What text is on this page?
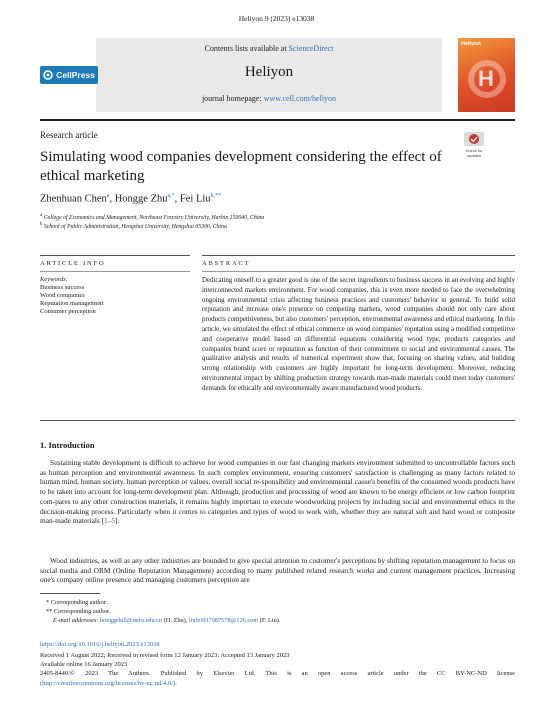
Heliyon 9 (2023) e13038
CellPress
Contents lists available at ScienceDirect
Heliyon
journal homepage: www.cell.com/heliyon
Heliyon
H
Research article
Simulating wood companies development considering the effect of ethical marketing
Check for updates
Zhenhuan Chen$^a$, Hongge Zhu$^{a,*}$, Fei Liu$^{b,**}$
$^a$ College of Economics and Management, Northeast Forestry University, Harbin 150040, China
$^b$ School of Public Administration, Hengshui University, Hengshui 05300, China
ARTICLE INFO	ABSTRACT
Keywords:
Business success
Wood companies
Reputation management
Consumer perception
Dedicating oneself to a greater good is one of the secret ingredients to business success in an evolving and highly interconnected markets environment. For wood companies, this is even more needed to face the overwhelming ongoing environmental crisis affecting business practices and customers' behavior in general. To build solid reputation and increase one's presence on competing markets, wood companies should not only care about products competitiveness, but also customers' perception, environmental awareness and ethical marketing. In this article, we simulated the effect of ethical commerce on wood companies' reputation using a modified competitive and cooperative model based on differential equations considering wood type, products categories and companies brand score or reputation as function of their commitment to social and environmental causes. The qualitative analysis and results of numerical experiment show that, focusing on sharing values, and building strong relationship with customers are highly important for long-term development. Moreover, reducing environmental impact by shifting production strategy towards man-made materials could meet today customers' demands for ethically and environmentally aware manufactured wood products.
1. Introduction
Sustaining stable development is difficult to achieve for wood companies in our fast changing markets environment submitted to uncontrollable factors such as human perception and environmental awareness. In such complex environment, ensuring customers' satisfaction is challenging as many factors related to human mind, human society, human perception or values, overall social re-sponsibility and environmental cause's benefits of the consumed woods products have to be taken into account for long-term development plan. Although, production and processing of wood are known to be energy efficient or low carbon footprint com-pares to any other construction materials, it remains highly important to execute woodworking projects by including social and environmental ethics in the decision-making process. Particularly when it comes to categories and types of wood to work with, whether they are natural soft and hard wood or composite man-made materials [1–5].
Wood industries, as well as any other industries are bounded to give special attention to customer's perceptions by shifting reputation management to focus on social media and ORM (Online Reputation Management) according to many published related research works and current management practices. Increasing one's company online presence and managing customers perception are
* Corresponding author.
** Corresponding author.
E-mail addresses: honggebill@nefu.edu.cn (H. Zhu), liufei937087578@126.com (F. Liu).
https://doi.org/10.1016/j.heliyon.2023.e13038
Received 1 August 2022; Received in revised form 12 January 2023; Accepted 13 January 2023
Available online 16 January 2023
2405-8440/© 2023 The Authors. Published by Elsevier Ltd. This is an open access article under the CC BY-NC-ND license
(http://creativecommons.org/licenses/by-nc-nd/4.0/).
